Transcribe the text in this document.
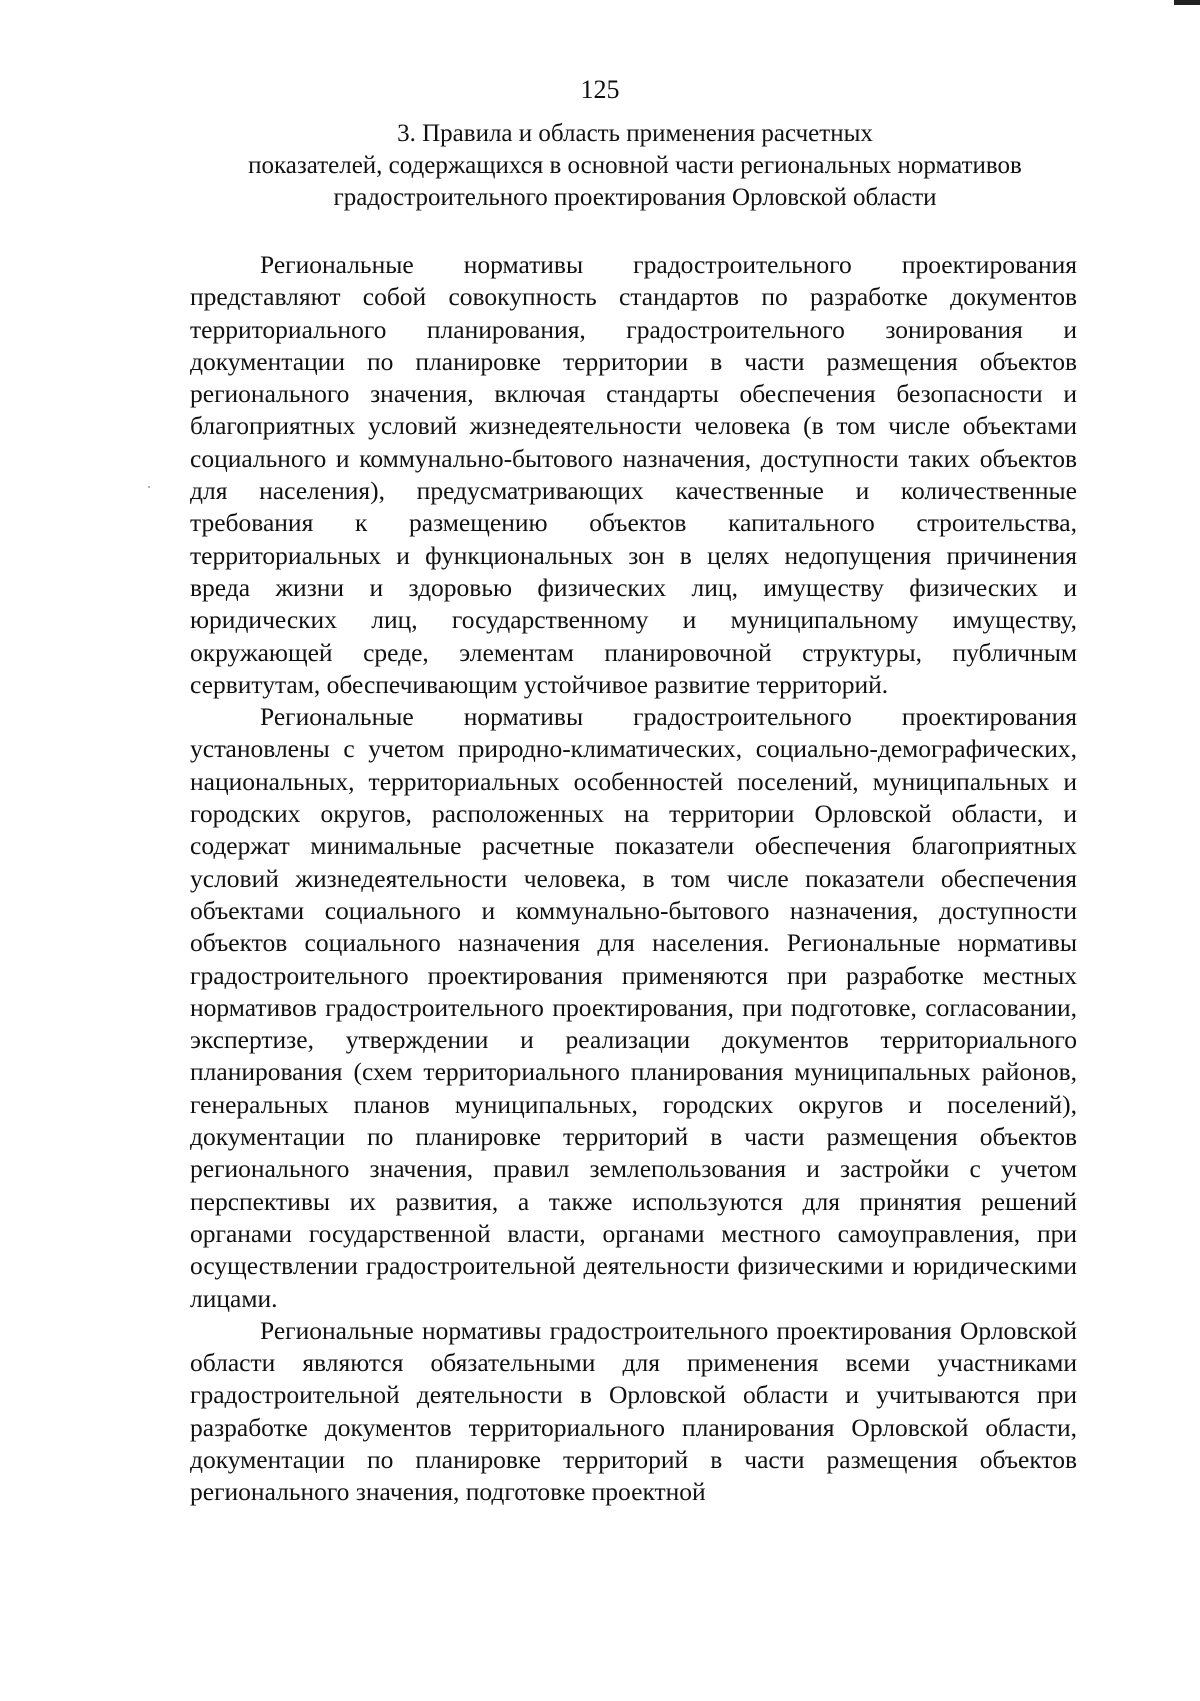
125
3. Правила и область применения расчетных
показателей, содержащихся в основной части региональных нормативов
градостроительного проектирования Орловской области

Региональные нормативы градостроительного проектирования представляют собой совокупность стандартов по разработке документов территориального планирования, градостроительного зонирования и документации по планировке территории в части размещения объектов регионального значения, включая стандарты обеспечения безопасности и благоприятных условий жизнедеятельности человека (в том числе объектами социального и коммунально-бытового назначения, доступности таких объектов для населения), предусматривающих качественные и количественные требования к размещению объектов капитального строительства, территориальных и функциональных зон в целях недопущения причинения вреда жизни и здоровью физических лиц, имуществу физических и юридических лиц, государственному и муниципальному имуществу, окружающей среде, элементам планировочной структуры, публичным сервитутам, обеспечивающим устойчивое развитие территорий.

Региональные нормативы градостроительного проектирования установлены с учетом природно-климатических, социально-демографических, национальных, территориальных особенностей поселений, муниципальных и городских округов, расположенных на территории Орловской области, и содержат минимальные расчетные показатели обеспечения благоприятных условий жизнедеятельности человека, в том числе показатели обеспечения объектами социального и коммунально-бытового назначения, доступности объектов социального назначения для населения. Региональные нормативы градостроительного проектирования применяются при разработке местных нормативов градостроительного проектирования, при подготовке, согласовании, экспертизе, утверждении и реализации документов территориального планирования (схем территориального планирования муниципальных районов, генеральных планов муниципальных, городских округов и поселений), документации по планировке территорий в части размещения объектов регионального значения, правил землепользования и застройки с учетом перспективы их развития, а также используются для принятия решений органами государственной власти, органами местного самоуправления, при осуществлении градостроительной деятельности физическими и юридическими лицами.

Региональные нормативы градостроительного проектирования Орловской области являются обязательными для применения всеми участниками градостроительной деятельности в Орловской области и учитываются при разработке документов территориального планирования Орловской области, документации по планировке территорий в части размещения объектов регионального значения, подготовке проектной
